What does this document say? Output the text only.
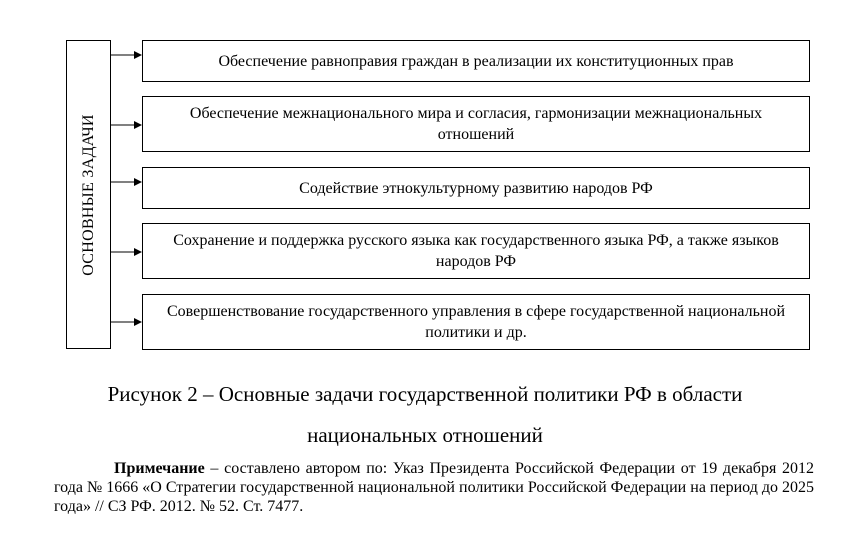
ОСНОВНЫЕ ЗАДАЧИ
Обеспечение равноправия граждан в реализации их конституционных прав
Обеспечение межнационального мира и согласия, гармонизации межнациональных отношений
Содействие этнокультурному развитию народов РФ
Сохранение и поддержка русского языка как государственного языка РФ, а также языков народов РФ
Совершенствование государственного управления в сфере государственной национальной политики и др.
Рисунок 2 – Основные задачи государственной политики РФ в области
национальных отношений
Примечание – составлено автором по: Указ Президента Российской Федерации от 19 декабря 2012 года № 1666 «О Стратегии государственной национальной политики Российской Федерации на период до 2025 года» // СЗ РФ. 2012. № 52. Ст. 7477.
